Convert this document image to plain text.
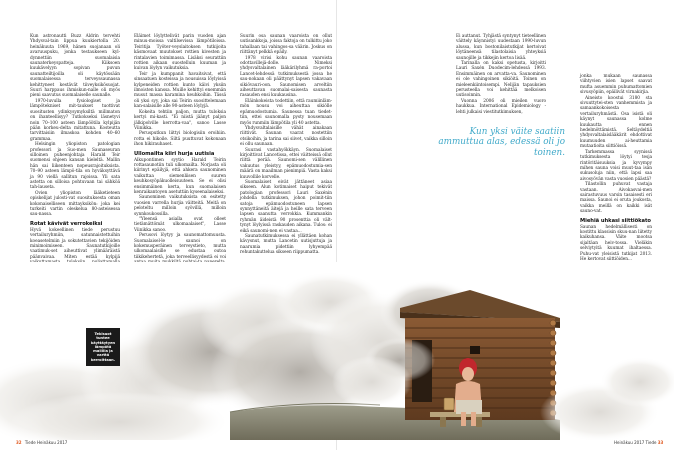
Kun astronautti Buzz Aldrin tervehti Yhdysval-tain lippua kuukiertolla 20. heinäkuuta 1969, hänen suojanaan oli avaruuspuku, jonka testaukseen kyl-dynnettiin suomalaisia saunaterkeyspatteja. Kiiksoen kuukävelyyn sopivan puvun saunatteiltijoilla oli käytössään suomalaisessa terveyssaunassa kehittyneet kestävät tiiveyksikösuojat. Suuri harppaus ihmiskun-nalle oli myös pieni saavutus suomalaiselle saunalle.

1970-luvulla fysiologiset ja lämpötekniset mit-taukset tuottivat suositusten ydinkysymyksiltä milimaton on ihanteellisyy? Tutkokseksi läsnetyvi noin 70–100 asteen lämpöötila kylpijän pään korkeu-delta mitattuna. Kosteutta tarvittaisiin ilmaskoa kohden 40–60 grammaa.

Helsingin yliopiston patologian professori ja Suo-men Saunaseuran silloinen puheenjohtaja Harald Teir suomensi ohjeen kansan kieleltä. Mallin hän sai liikenteen nopeusrajoituksista. 70–90 asteen lämpö-tila on hyväksyttävä ja 90 viellä sallitun rajoissa. Yli sata astetta on silloisa pohtuvaan tai sähköä tah-lauseta.

Ovien yliopiston lääketieteen opiskelijat julosti-vat suosituksesta oman kokonaiselliseen mittayksikön: joka kei turkeiti vartin oleskelua 80-asteisessa sau-nassa.

Rotat kävivät verrokeiksi

Hyvä kokeellinen tiede perustuu vertailuryhmiin, satunnaistettuihin koeasetelmiin ja sokutettavien tekijöiden minimoimiseen. Saunatutkijoille vaatimuk-set aiheuttivat ylimääräistä päänvaivaa. Miten estää kylpijä

Eläimet löylyttelivät parin vuoden ajan minuu-moissa valtilsevissa lämpötiloissa. Teiritija Työter-veyslaitoksen tutkijoita käsmovaat muutokset rottien kivesten ja rintalavien toimimassa. Lisäksi seurattiin rottien aikaan suostelluin kuuman ja kuivan löylyn vaikutuksia.

Teir ja kumppanit havaitsivat, että sinsaatuen kosteissa ja nousuissa löylyissä kylpeneiden rottien kunto käivi yksiin ilmoisten kanssa. Muille kehittyi enemmän musut massa karamina keuhkoihin. Tässä oli yksi syy, joka sai Teirin suosittelemaan kan-salaisille alle 90-asteen löylyjä.

Kokeita tehtiin paljon, mutta tuloksia kertyi mi-kasti. "Ei niistä jäänyt paljon jälkipolville kerrotta-vaa", sanoo Lasse Viinikka.

Perusputkun liittyi biologisiin eroihiin. rotta ei hikoile. Siltä puuttuvat kokonaan ihon hikirauhaset.

Ullomailta kiiri hurja uutisia

Alkupontimen syytio Harald Teirin rottasaunotiin tuli ulkomailta. Norjasta oli kiirinyt epäilyjä, että ahkera saunominen vaikuttaa siemenliisen suuren keuhkosyöpäkuolleisuuteen. Se ei olisi ensimmäinen kerta, kun suomalaisen kenraikantoyen asetuttiin kyseenalaiseksi.

Saunominen vaikutuksista on esitetty vuosien varrella hurjia väitteitä. Meitä on peloteltu milloin syövillä, milloin synnkoukossilla.

"Yleensä asialla ovat olleet tietämättömät ulkomaalaiset", Lasse Viinikka sanoo.

Perusovi löytyy ja saunomattomuusta. Suomalaisel-le saunoi on kokemusperäinen terveystieto, mutta ulkomaalaisille se edustaa outoa tiikikehertetä, joka terveellisyydestä ei voi

Suurin osa saunan vaaroista on ollut uutisankkoja, joissa faktoja on tulkittu joko tahallaan tai vahingos-sa väärin. Joskus on riittänyt pelkkä epäily.

1978 virisi kohu saunan vaaroista odottavillejä-dolle. Nimeksi yhdysvaltalainen lääkärilyhmä ra-portoi Lancet-lehdessä tutkimuksestä jossa he sau-nokaan oli päättynyt lapsen vakavaan sikiövauri-oon. Saunomisen arveltiin aiheuttavan suomalai-saisesta saunasta rasauden ensi kuukausina.

Eläinkokeista todettiin, että raumiinläm-mön nousu voi aiheuttaa sikiölle epämuodostumia. Saunessa tuan tiedet-tiin, ettei saunomalla pysty nousemaan myös runmiin lämpötila yli 40 astetta.

Yhdysvaltalaisille vähät ainakaan riittivät. Saunan vaarat nostettiin otsikoihin, ja tarina sai siivet, vaikka silloin ei ollu saunaan.

Suurasi vastahyökkäyn. Suomalaiset kirjoittivat Lancetissa, ettei väitteissä ollut riittä perää. Saunomi-sen välillinen vakuutus yleistyy, epämuodostumia-sen määrä on maailman pienimpiä. Vasta kaksi kuuvollile korvelle.

Suomalaiset eivät jättäneet asiaa sikseen. Alun kotimaiset haiput tekivät patologian professori Lauri Saxénin johdella tutkimuksen, johon poimit-tiin satoja epämuodostuneen lapsen synnyttäneitä äitejä ja heille sata terveen lapsen saanutta verrokkia. Kummankin ryhmän äideistä 90 prosenttia oli vält-tynyt löylyissä raskauden aikana. Tulos: ei eikä saunomi-nen ei vastaa...

Saunatutkimuksessa ei yllättäen kohan kävysnut, mutta Lancetin uutisjuttuja ja naarumia pidettiin lyhyempää rehuntakuttelua sikseen riippumatta.

Ei auttanut. Tyhjästä syntynyt tieteellinen väittely käynnistyi uudestaan 1990-luvun alussa, kun bostonilaistutkijat kertoivat löytäneensä tilastolaisia yhteyksiä saunojille ja tikkejin kertoa lisää.

Tarinalla on kaksi opetusta, kirjoitti Lauri Saxén Duodecim-lehdessä 1993. Ensimmäinen on arvatta-va. Saunominen ei ole vahingoinen sikiöitä. Toinen on mieleenkiintoisempi. Nelijän tapauksien perusteella voi kehittää melkoisen uutisoinnin.

Vuonna 2006 oli mieilen vuoro haukkua. International Epidemiology -lehti julkaisi viestitutkimuksen,

jonka mukaan saunassa viihtyvien isien lapset saavat mufta asuemmin puhumattomien sivusyöpiin, epäilivät virnakirjia.

Aineisto koostui 3180 sta sivuuttytei-sten vanhemmista ja samaankokoisesta vertailuryhmästä. Osa isistä oli käynyt saunassa kolme kuukautta ennen hedelmöttämistä. Seltäydeltiä yhdysvaltalaislääkärit ehdottivat kuumuuden ai-heuttamia mutaatioita siittiöissä.

Tarkemmassa syynissä tutkimuksesta löytyi tesja rintöritäisuuksia ja kyvympy mihen sauna voisi muut-taa isän sukusoluja niin, että lapsi saa aivosyövän vasta vuosien päästä?

Tilastollin puhuvat vastaja vastaan. Aivokasvai-men sairastuvuus varsin tasaisesti eri maissa. Saunoi ei oruta joukosta, vaikka meillä on kaikki isät sauno-vat.

Miehiä uhkasi siittiökato

Saunan hedelmällisesti on kostittu klassisin skuu-nan liitetty kaikuhansa. Väite mootsa sijaltäan heiv-tossa. Vieläkin selviytyitä kuumat ihaltaessa. Puhu-vat yleisistä tutkijat 2013. He kertovat siittiöiden...

Kun yksi väite saatiin ammuttua alas, edessä oli jo toinen.
Tekisuot tuntee käyttäytyen lämpötä mallilla ja varttä kerroittaan.
32 Tiede Heinäkuu 2017	Heinäkuu 2017 Tiede 33
